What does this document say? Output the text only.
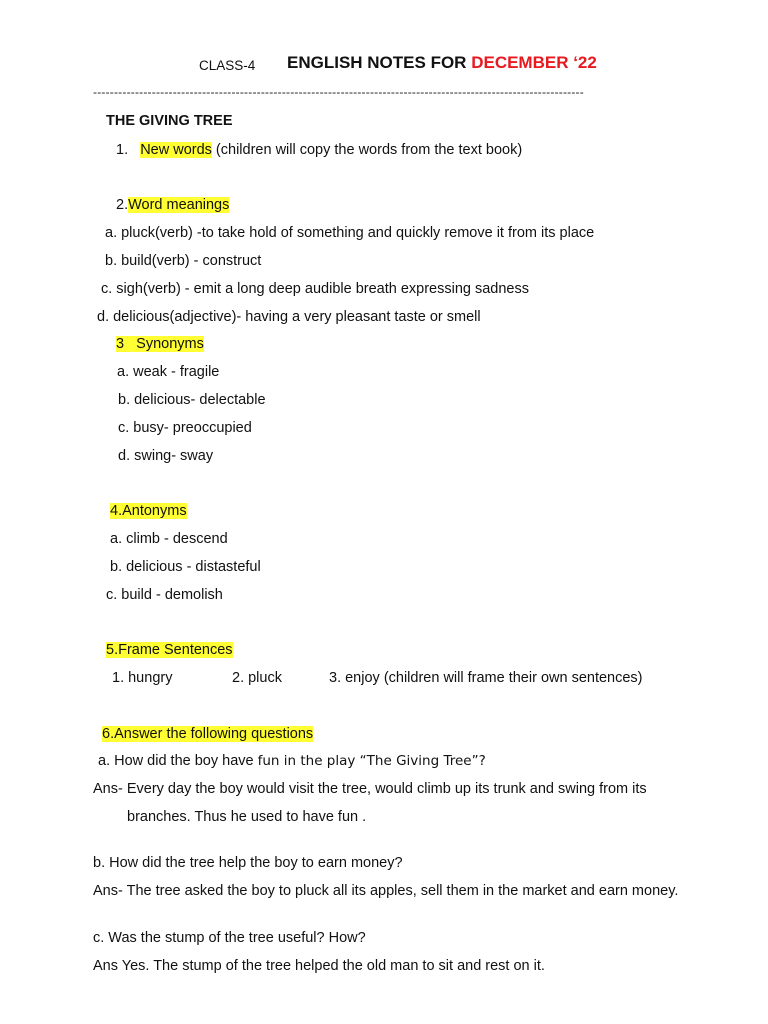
CLASS-4 ENGLISH NOTES FOR DECEMBER ‘22
---------------------------------------------------------------------------------------------------------------------
THE GIVING TREE
1. New words (children will copy the words from the text book)
2.Word meanings
a. pluck(verb) -to take hold of something and quickly remove it from its place
b. build(verb) - construct
c. sigh(verb) - emit a long deep audible breath expressing sadness
d. delicious(adjective)- having a very pleasant taste or smell
3   Synonyms
a. weak - fragile
b. delicious- delectable
c. busy- preoccupied
d. swing- sway
4.Antonyms
a. climb - descend
b. delicious - distasteful
c. build - demolish
5.Frame Sentences
1. hungry	2. pluck	3. enjoy (children will frame their own sentences)
6.Answer the following questions
a. How did the boy have fun in the play “The Giving Tree”?
Ans- Every day the boy would visit the tree, would climb up its trunk and swing from its
branches. Thus he used to have fun .
b. How did the tree help the boy to earn money?
Ans- The tree asked the boy to pluck all its apples, sell them in the market and earn money.
c. Was the stump of the tree useful? How?
Ans Yes. The stump of the tree helped the old man to sit and rest on it.
